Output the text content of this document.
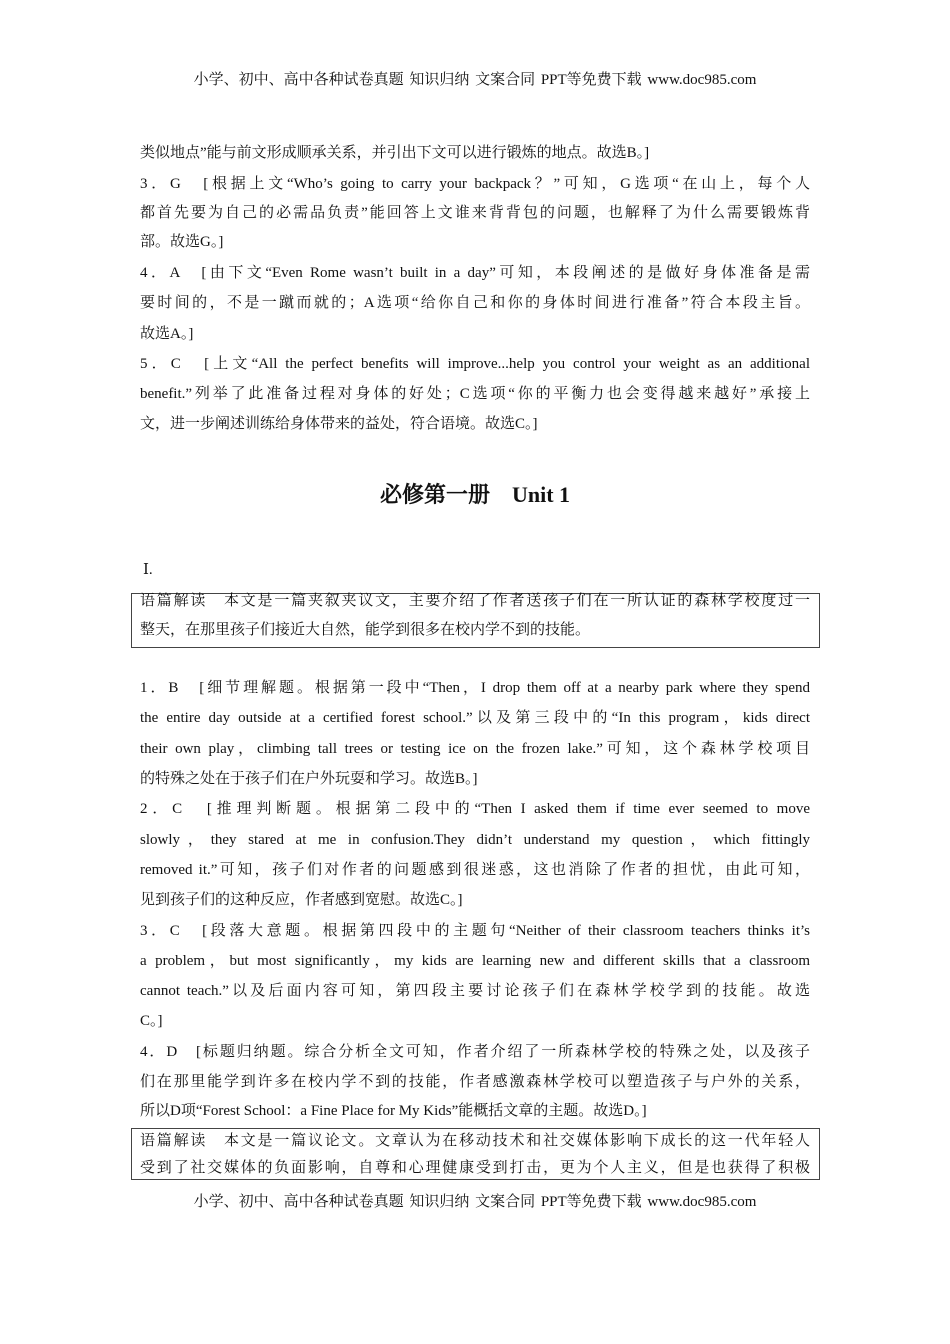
小学、初中、高中各种试卷真题 知识归纳 文案合同 PPT等免费下载 www.doc985.com
类似地点”能与前文形成顺承关系，并引出下文可以进行锻炼的地点。故选B。]
3．G　[根据上文“Who’s going to carry your backpack？”可知，G选项“在山上，每个人
都首先要为自己的必需品负责”能回答上文谁来背背包的问题，也解释了为什么需要锻炼背
部。故选G。]
4．A　[由下文“Even Rome wasn’t built in a day”可知，本段阐述的是做好身体准备是需
要时间的，不是一蹴而就的；A选项“给你自己和你的身体时间进行准备”符合本段主旨。
故选A。]
5．C　[上文“All the perfect benefits will improve...help you control your weight as an additional
benefit.”列举了此准备过程对身体的好处；C选项“你的平衡力也会变得越来越好”承接上
文，进一步阐述训练给身体带来的益处，符合语境。故选C。]
必修第一册　Unit 1
Ⅰ.
语篇解读　本文是一篇夹叙夹议文，主要介绍了作者送孩子们在一所认证的森林学校度过一
整天，在那里孩子们接近大自然，能学到很多在校内学不到的技能。
1．B　[细节理解题。根据第一段中“Then，I drop them off at a nearby park where they spend
the entire day outside at a certified forest school.”以及第三段中的“In this program，kids direct
their own play，climbing tall trees or testing ice on the frozen lake.”可知，这个森林学校项目
的特殊之处在于孩子们在户外玩耍和学习。故选B。]
2．C　[推理判断题。根据第二段中的“Then I asked them if time ever seemed to move
slowly，they stared at me in confusion.They didn’t understand my question，which fittingly
removed it.”可知，孩子们对作者的问题感到很迷惑，这也消除了作者的担忧，由此可知，
见到孩子们的这种反应，作者感到宽慰。故选C。]
3．C　[段落大意题。根据第四段中的主题句“Neither of their classroom teachers thinks it’s
a problem，but most significantly，my kids are learning new and different skills that a classroom
cannot teach.”以及后面内容可知，第四段主要讨论孩子们在森林学校学到的技能。故选
C。]
4．D　[标题归纳题。综合分析全文可知，作者介绍了一所森林学校的特殊之处，以及孩子
们在那里能学到许多在校内学不到的技能，作者感激森林学校可以塑造孩子与户外的关系，
所以D项“Forest School：a Fine Place for My Kids”能概括文章的主题。故选D。]
语篇解读　本文是一篇议论文。文章认为在移动技术和社交媒体影响下成长的这一代年轻人
受到了社交媒体的负面影响，自尊和心理健康受到打击，更为个人主义，但是也获得了积极
小学、初中、高中各种试卷真题 知识归纳 文案合同 PPT等免费下载 www.doc985.com
